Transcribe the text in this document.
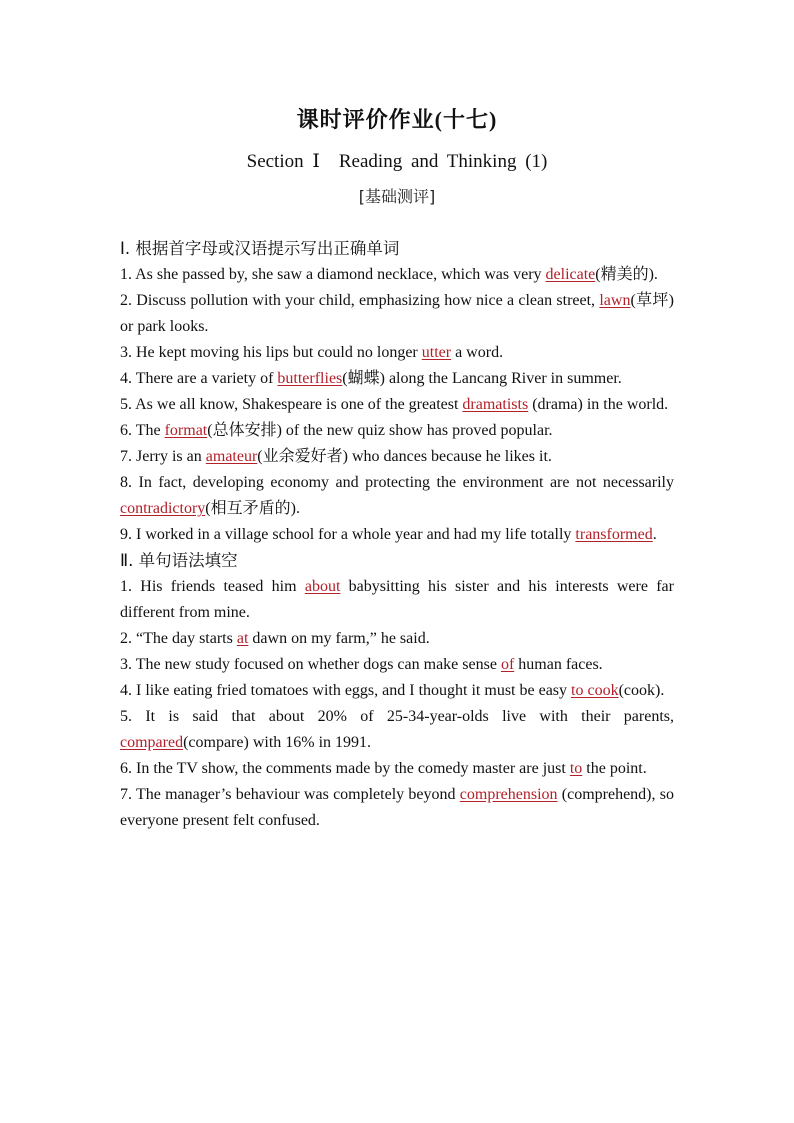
课时评价作业(十七)
Section Ⅰ　Reading and Thinking (1)
[基础测评]

Ⅰ. 根据首字母或汉语提示写出正确单词

1. As she passed by, she saw a diamond necklace, which was very delicate(精美的).

2. Discuss pollution with your child, emphasizing how nice a clean street, lawn(草坪) or park looks.

3. He kept moving his lips but could no longer utter a word.

4. There are a variety of butterflies(蝴蝶) along the Lancang River in summer.

5. As we all know, Shakespeare is one of the greatest dramatists (drama) in the world.

6. The format(总体安排) of the new quiz show has proved popular.

7. Jerry is an amateur(业余爱好者) who dances because he likes it.

8. In fact, developing economy and protecting the environment are not necessarily contradictory(相互矛盾的).

9. I worked in a village school for a whole year and had my life totally transformed.

Ⅱ. 单句语法填空

1. His friends teased him about babysitting his sister and his interests were far different from mine.

2. “The day starts at dawn on my farm,” he said.

3. The new study focused on whether dogs can make sense of human faces.

4. I like eating fried tomatoes with eggs, and I thought it must be easy to cook(cook).

5. It is said that about 20% of 25-34-year-olds live with their parents, compared(compare) with 16% in 1991.

6. In the TV show, the comments made by the comedy master are just to the point.

7. The manager’s behaviour was completely beyond comprehension (comprehend), so everyone present felt confused.
